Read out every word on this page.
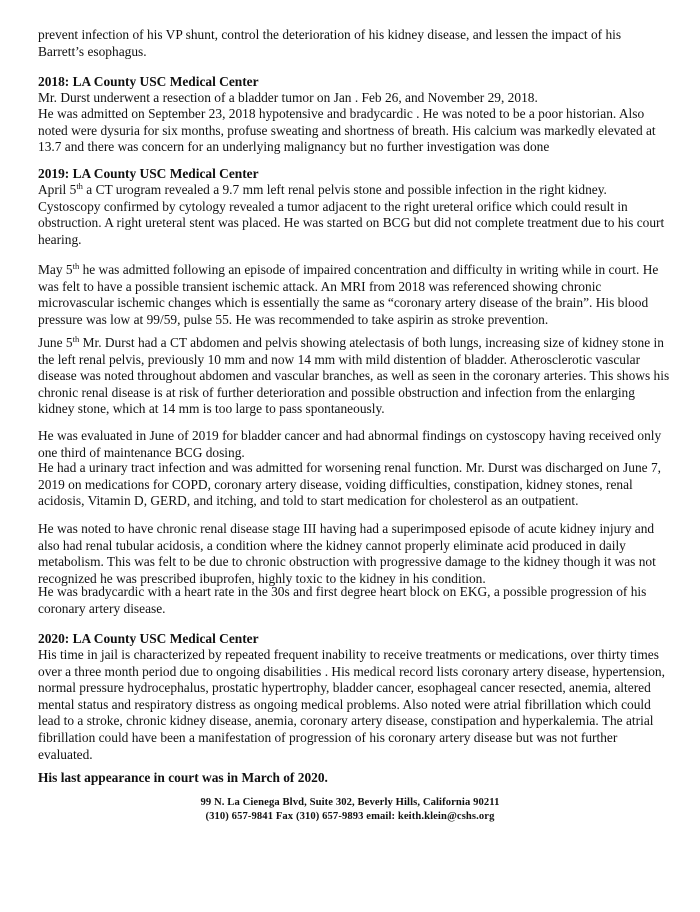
prevent infection of his VP shunt, control the deterioration of his kidney disease, and lessen the impact of his
Barrett’s esophagus.
2018: LA County USC Medical Center
Mr. Durst underwent a resection of a bladder tumor on Jan . Feb 26, and November 29, 2018.
He was admitted on September 23, 2018 hypotensive and bradycardic . He was noted to be a poor historian. Also noted were dysuria for six months, profuse sweating and shortness of breath. His calcium was markedly elevated at 13.7 and there was concern for an underlying malignancy but no further investigation was done
2019: LA County USC Medical Center
April 5th a CT urogram revealed a 9.7 mm left renal pelvis stone and possible infection in the right kidney. Cystoscopy confirmed by cytology revealed a tumor adjacent to the right ureteral orifice which could result in obstruction. A right ureteral stent was placed. He was started on BCG but did not complete treatment due to his court hearing.
May 5th he was admitted following an episode of impaired concentration and difficulty in writing while in court. He was felt to have a possible transient ischemic attack. An MRI from 2018 was referenced showing chronic microvascular ischemic changes which is essentially the same as “coronary artery disease of the brain”. His blood pressure was low at 99/59, pulse 55. He was recommended to take aspirin as stroke prevention.
June 5th Mr. Durst had a CT abdomen and pelvis showing atelectasis of both lungs, increasing size of kidney stone in the left renal pelvis, previously 10 mm and now 14 mm with mild distention of bladder. Atherosclerotic vascular disease was noted throughout abdomen and vascular branches, as well as seen in the coronary arteries. This shows his chronic renal disease is at risk of further deterioration and possible obstruction and infection from the enlarging kidney stone, which at 14 mm is too large to pass spontaneously.
He was evaluated in June of 2019 for bladder cancer and had abnormal findings on cystoscopy having received only one third of maintenance BCG dosing.
He had a urinary tract infection and was admitted for worsening renal function. Mr. Durst was discharged on June 7, 2019 on medications for COPD, coronary artery disease, voiding difficulties, constipation, kidney stones, renal acidosis, Vitamin D, GERD, and itching, and told to start medication for cholesterol as an outpatient.
He was noted to have chronic renal disease stage III having had a superimposed episode of acute kidney injury and also had renal tubular acidosis, a condition where the kidney cannot properly eliminate acid produced in daily metabolism. This was felt to be due to chronic obstruction with progressive damage to the kidney though it was not recognized he was prescribed ibuprofen, highly toxic to the kidney in his condition.
He was bradycardic with a heart rate in the 30s and first degree heart block on EKG, a possible progression of his coronary artery disease.
2020: LA County USC Medical Center
His time in jail is characterized by repeated frequent inability to receive treatments or medications, over thirty times over a three month period due to ongoing disabilities . His medical record lists coronary artery disease, hypertension, normal pressure hydrocephalus, prostatic hypertrophy, bladder cancer, esophageal cancer resected, anemia, altered mental status and respiratory distress as ongoing medical problems. Also noted were atrial fibrillation which could lead to a stroke, chronic kidney disease, anemia, coronary artery disease, constipation and hyperkalemia. The atrial fibrillation could have been a manifestation of progression of his coronary artery disease but was not further evaluated.
His last appearance in court was in March of 2020.
99 N. La Cienega Blvd, Suite 302, Beverly Hills, California 90211
(310) 657-9841 Fax (310) 657-9893 email: keith.klein@cshs.org
